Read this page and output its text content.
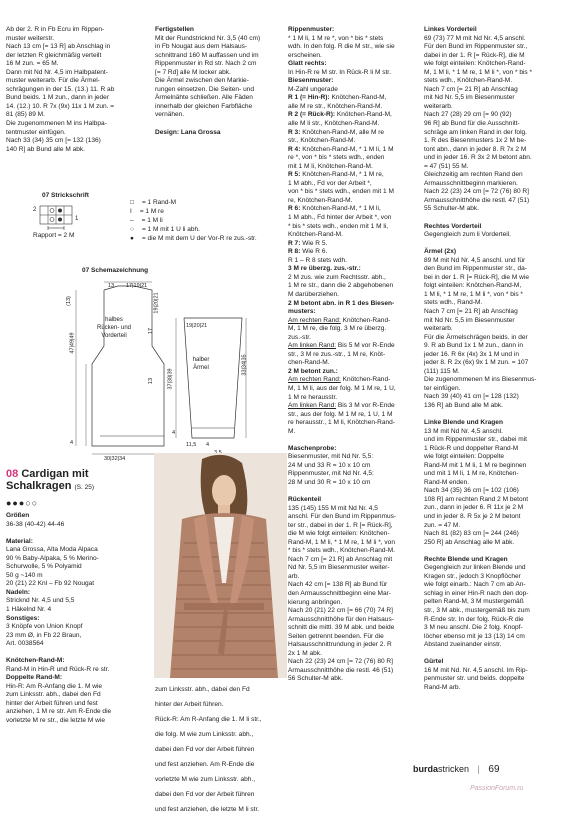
Ab der 2. R in Fb Ecru im Rippen-

muster weiterstr.

Nach 13 cm [= 13 R] ab Anschlag in

der letzten R gleichmäßig verteilt

16 M zun. = 65 M.

Dann mit Nd Nr. 4,5 im Halbpatent-

muster weiterarb. Für die Ärmel-

schrägungen in der 15. (13.) 11. R ab

Bund beids. 1 M zun., dann in jeder

14. (12.) 10. R 7x (9x) 11x 1 M zun. =

81 (85) 89 M.

Die zugenommenen M ins Halbpa-

tentmuster einfügen.

Nach 33 (34) 35 cm [= 132 (136)

140 R] ab Bund alle M abk.

07 Strickschrift
2
1
Rapport = 2 M
□ = 1 Rand-M
I = 1 M re
– = 1 M li
○ = 1 M mit 1 U li abh.
● = die M mit dem U der Vor-R re zus.-str.
07 Schemazeichnung
13 17|19|21
(13)
47|49|49
17
13
19|20|21
halbes Rücken- und Vorderteil
4
30|32|34
19|20|21
halber Ärmel
37|38|39
33|34|35
4
11,5 4
08 Cardigan mit
Schalkragen (S. 25)
●●●○○

Größen

36-38 (40-42) 44-46

Material:

Lana Grossa, Alta Moda Alpaca

90 % Baby-Alpaka, 5 % Merino-

Schurwolle, 5 % Polyamid

50 g ~140 m

20 (21) 22 Knl – Fb 92 Nougat

Nadeln:

Stricknd Nr. 4,5 und 5,5

1 Häkelnd Nr. 4

Sonstiges:

3 Knöpfe von Union Knopf

23 mm Ø, in Fb 22 Braun,

Art. 0038564

Knötchen-Rand-M:

Rand-M in Hin-R und Rück-R re str.

Doppelte Rand-M:

Hin-R: Am R-Anfang die 1. M wie

zum Linksstr. abh., dabei den Fd

hinter der Arbeit führen und fest

anziehen, 1 M re str. Am R-Ende die

vorletzte M re str., die letzte M wie

Fertigstellen

Mit der Rundstricknd Nr. 3,5 (40 cm)

in Fb Nougat aus dem Halsaus-

schnittrand 160 M auffassen und im

Rippenmuster in Rd str. Nach 2 cm

[= 7 Rd] alle M locker abk.

Die Ärmel zwischen den Markie-

rungen einsetzen. Die Seiten- und

Ärmelnähte schließen. Alle Fäden

innerhalb der gleichen Farbfläche

vernähen.

Design: Lana Grossa

zum Linksstr. abh., dabei den Fd

hinter der Arbeit führen.

Rück-R: Am R-Anfang die 1. M li str.,

die folg. M wie zum Linksstr. abh.,

dabei den Fd vor der Arbeit führen

und fest anziehen. Am R-Ende die

vorletzte M wie zum Linksstr. abh.,

dabei den Fd vor der Arbeit führen

und fest anziehen, die letzte M li str.

Rippenmuster:

* 1 M li, 1 M re *, von * bis * stets

wdh. In den folg. R die M str., wie sie

erscheinen.

Glatt rechts:

In Hin-R re M str. In Rück-R li M str.

Biesenmuster:

M-Zahl ungerade

R 1 (= Hin-R): Knötchen-Rand-M,

alle M re str., Knötchen-Rand-M.

R 2 (= Rück-R): Knötchen-Rand-M,

alle M li str., Knötchen-Rand-M.

R 3: Knötchen-Rand-M, alle M re

str., Knötchen-Rand-M.

R 4: Knötchen-Rand-M, * 1 M li, 1 M

re *, von * bis * stets wdh., enden

mit 1 M li, Knötchen-Rand-M.

R 5: Knötchen-Rand-M, * 1 M re,

1 M abh., Fd vor der Arbeit *,

von * bis * stets wdh., enden mit 1 M

re, Knötchen-Rand-M.

R 6: Knötchen-Rand-M, * 1 M li,

1 M abh., Fd hinter der Arbeit *, von

* bis * stets wdh., enden mit 1 M li,

Knötchen-Rand-M.

R 7: Wie R 5.

R 8: Wie R 6.

R 1 – R 8 stets wdh.

3 M re überzg. zus.-str.:

2 M zus. wie zum Rechtsstr. abh.,

1 M re str., dann die 2 abgehobenen

M darüberziehen.

2 M betont abn. in R 1 des Biesen-

musters:

Am rechten Rand: Knötchen-Rand-

M, 1 M re, die folg. 3 M re überzg.

zus.-str.

Am linken Rand: Bis 5 M vor R-Ende

str., 3 M re zus.-str., 1 M re, Knöt-

chen-Rand-M.

2 M betont zun.:

Am rechten Rand: Knötchen-Rand-

M, 1 M li, aus der folg. M 1 M re, 1 U,

1 M re herausstr.

Am linken Rand: Bis 3 M vor R-Ende

str., aus der folg. M 1 M re, 1 U, 1 M

re herausstr., 1 M li, Knötchen-Rand-

M.

Maschenprobe:

Biesenmuster, mit Nd Nr. 5,5:

24 M und 33 R = 10 x 10 cm

Rippenmuster, mit Nd Nr. 4,5:

28 M und 30 R = 10 x 10 cm

Rückenteil

135 (145) 155 M mit Nd Nr. 4,5

anschl. Für den Bund im Rippenmus-

ter str., dabei in der 1. R [= Rück-R],

die M wie folgt einteilen: Knötchen-

Rand-M, 1 M li, * 1 M re, 1 M li *, von

* bis * stets wdh., Knötchen-Rand-M.

Nach 7 cm [= 21 R] ab Anschlag mit

Nd Nr. 5,5 im Biesenmuster weiter-

arb.

Nach 42 cm [= 138 R] ab Bund für

den Armausschnittbeginn eine Mar-

kierung anbringen.

Nach 20 (21) 22 cm [= 66 (70) 74 R]

Armausschnitthöhe für den Halsaus-

schnitt die mittl. 39 M abk. und beide

Seiten getrennt beenden. Für die

Halsausschnittrundung in jeder 2. R

2x 1 M abk.

Nach 22 (23) 24 cm [= 72 (76) 80 R]

Armausschnitthöhe die restl. 46 (51)

56 Schulter-M abk.

Linkes Vorderteil

69 (73) 77 M mit Nd Nr. 4,5 anschl.

Für den Bund im Rippenmuster str.,

dabei in der 1. R [= Rück-R], die M

wie folgt einteilen: Knötchen-Rand-

M, 1 M li, * 1 M re, 1 M li *, von * bis *

stets wdh., Knötchen-Rand-M.

Nach 7 cm [= 21 R] ab Anschlag

mit Nd Nr. 5,5 im Biesenmuster

weiterarb.

Nach 27 (28) 29 cm [= 90 (92)

96 R] ab Bund für die Ausschnitt-

schräge am linken Rand in der folg.

1. R des Biesenmusters 1x 2 M be-

tont abn., dann in jeder 8. R 7x 2 M

und in jeder 16. R 3x 2 M betont abn.

= 47 (51) 55 M.

Gleichzeitig am rechten Rand den

Armausschnittbeginn markieren.

Nach 22 (23) 24 cm [= 72 (76) 80 R]

Armausschnitthöhe die restl. 47 (51)

55 Schulter-M abk.

Rechtes Vorderteil

Gegengleich zum li Vorderteil.

Ärmel (2x)

89 M mit Nd Nr. 4,5 anschl. und für

den Bund im Rippenmuster str., da-

bei in der 1. R [= Rück-R], die M wie

folgt einteilen: Knötchen-Rand-M,

1 M li, * 1 M re, 1 M li *, von * bis *

stets wdh., Rand-M.

Nach 7 cm [= 21 R] ab Anschlag

mit Nd Nr. 5,5 im Biesenmuster

weiterarb.

Für die Ärmelschrägen beids. in der

9. R ab Bund 1x 1 M zun., dann in

jeder 16. R 6x (4x) 3x 1 M und in

jeder 8. R 2x (6x) 9x 1 M zun. = 107

(111) 115 M.

Die zugenommenen M ins Biesenmus-

ter einfügen.

Nach 39 (40) 41 cm [= 128 (132)

136 R] ab Bund alle M abk.

Linke Blende und Kragen

13 M mit Nd Nr. 4,5 anschl.

und im Rippenmuster str., dabei mit

1 Rück-R und doppelter Rand-M

wie folgt einteilen: Doppelte

Rand-M mit 1 M li, 1 M re beginnen

und mit 1 M li, 1 M re, Knötchen-

Rand-M enden.

Nach 34 (35) 36 cm [= 102 (106)

108 R] am rechten Rand 2 M betont

zun., dann in jeder 6. R 11x je 2 M

und in jeder 8. R 5x je 2 M betont

zun. = 47 M.

Nach 81 (82) 83 cm [= 244 (246)

250 R] ab Anschlag alle M abk.

Rechte Blende und Kragen

Gegengleich zur linken Blende und

Kragen str., jedoch 3 Knopflöcher

wie folgt einarb.: Nach 7 cm ab An-

schlag in einer Hin-R nach den dop-

pelten Rand-M, 3 M mustergemäß

str., 3 M abk., mustergemäß bis zum

R-Ende str. In der folg. Rück-R die

3 M neu anschl. Die 2 folg. Knopf-

löcher ebenso mit je 13 (13) 14 cm

Abstand zueinander einstr.

Gürtel

16 M mit Nd. Nr. 4,5 anschl. Im Rip-

penmuster str. und beids. doppelte

Rand-M arb.

burdastricken | 69
PassionForum.ru
